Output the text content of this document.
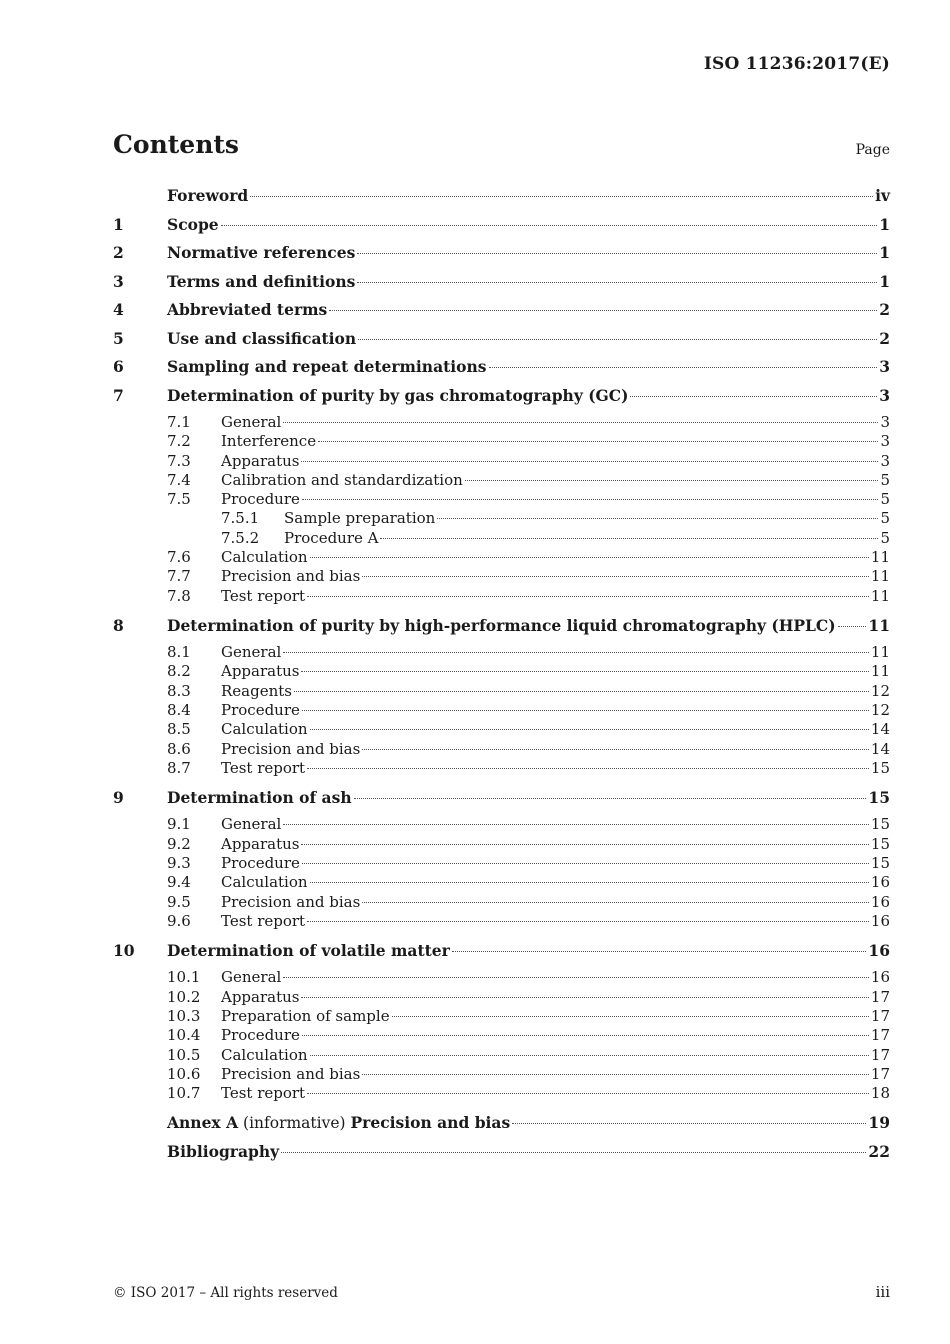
ISO 11236:2017(E)
Contents	Page
Foreword	iv
1	Scope	1
2	Normative references	1
3	Terms and definitions	1
4	Abbreviated terms	2
5	Use and classification	2
6	Sampling and repeat determinations	3
7	Determination of purity by gas chromatography (GC)	3
7.1	General	3
7.2	Interference	3
7.3	Apparatus	3
7.4	Calibration and standardization	5
7.5	Procedure	5
7.5.1	Sample preparation	5
7.5.2	Procedure A	5
7.6	Calculation	11
7.7	Precision and bias	11
7.8	Test report	11
8	Determination of purity by high-performance liquid chromatography (HPLC) 11
8.1	General	11
8.2	Apparatus	11
8.3	Reagents	12
8.4	Procedure	12
8.5	Calculation	14
8.6	Precision and bias	14
8.7	Test report	15
9	Determination of ash	15
9.1	General	15
9.2	Apparatus	15
9.3	Procedure	15
9.4	Calculation	16
9.5	Precision and bias	16
9.6	Test report	16
10	Determination of volatile matter	16
10.1	General	16
10.2	Apparatus	17
10.3	Preparation of sample	17
10.4	Procedure	17
10.5	Calculation	17
10.6	Precision and bias	17
10.7	Test report	18
Annex A (informative) Precision and bias	19
Bibliography	22
© ISO 2017 – All rights reserved	iii
